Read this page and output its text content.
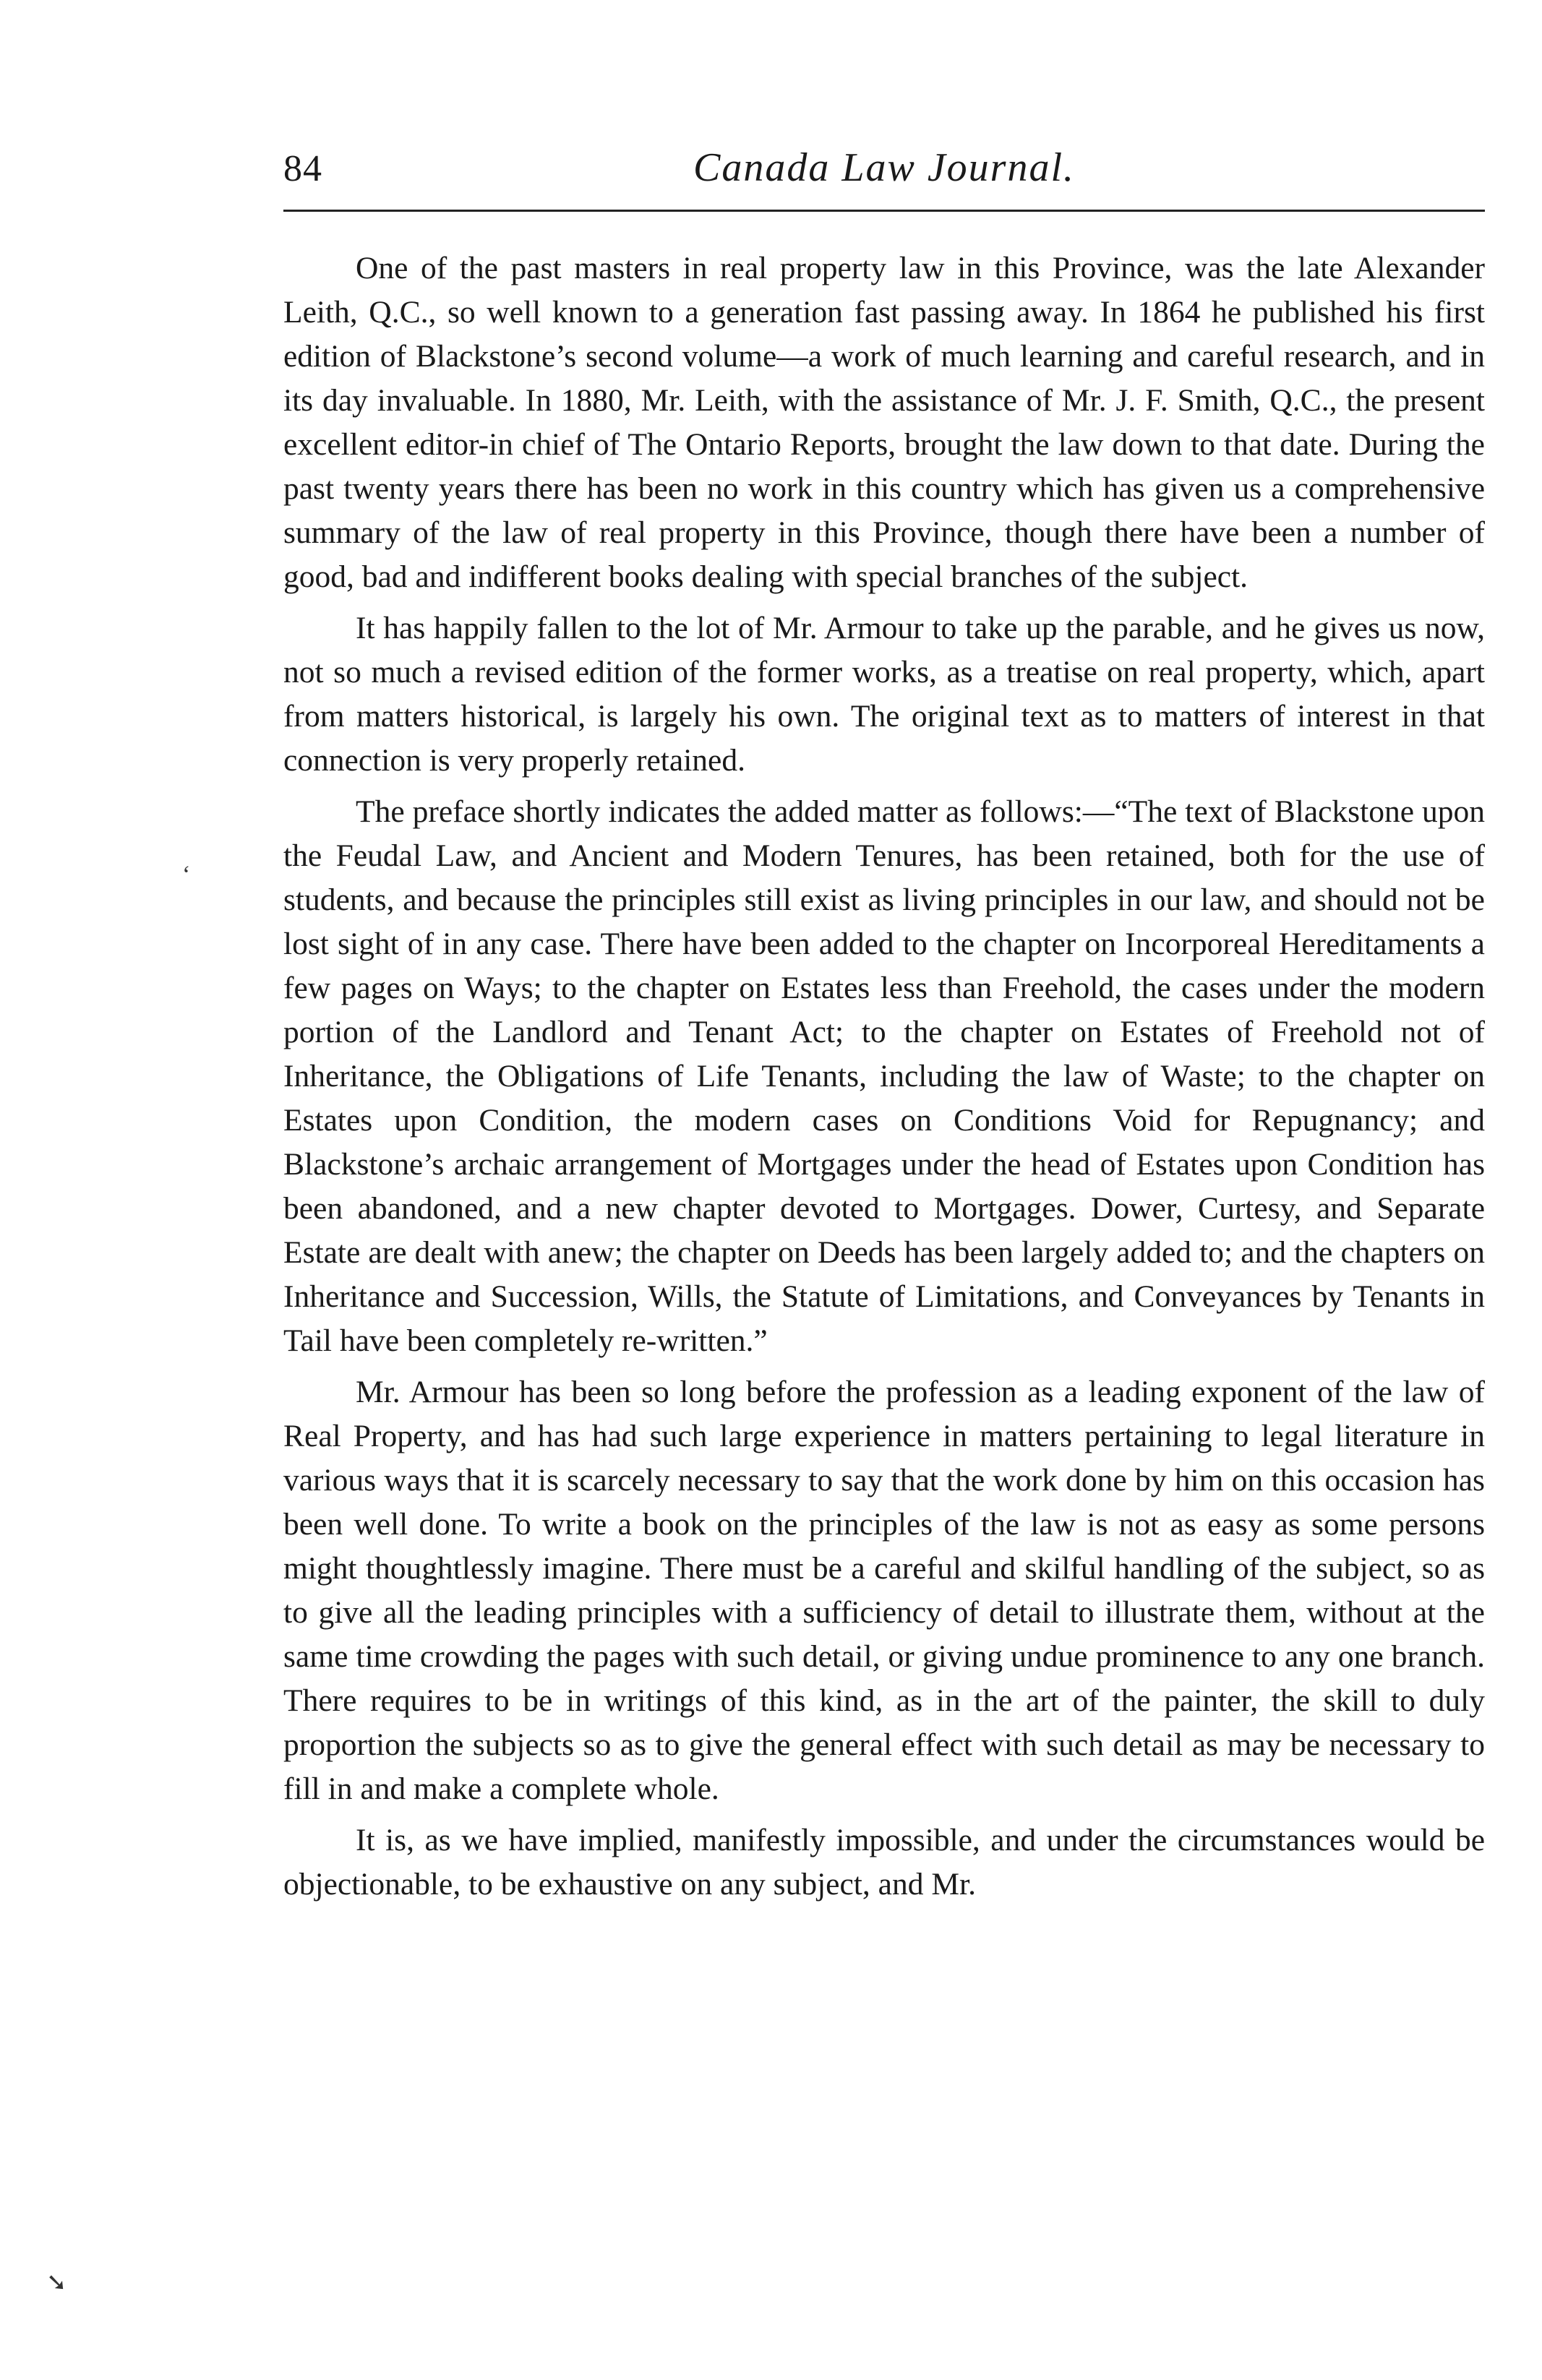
‘
➘
84	Canada Law Journal.

One of the past masters in real property law in this Province, was the late Alexander Leith, Q.C., so well known to a generation fast passing away. In 1864 he published his first edition of Blackstone’s second volume—a work of much learning and careful research, and in its day invaluable. In 1880, Mr. Leith, with the assistance of Mr. J. F. Smith, Q.C., the present excellent editor-in chief of The Ontario Reports, brought the law down to that date. During the past twenty years there has been no work in this country which has given us a comprehensive summary of the law of real property in this Province, though there have been a number of good, bad and indifferent books dealing with special branches of the subject.

It has happily fallen to the lot of Mr. Armour to take up the parable, and he gives us now, not so much a revised edition of the former works, as a treatise on real property, which, apart from matters historical, is largely his own. The original text as to matters of interest in that connection is very properly retained.

The preface shortly indicates the added matter as follows:—“The text of Blackstone upon the Feudal Law, and Ancient and Modern Tenures, has been retained, both for the use of students, and because the principles still exist as living principles in our law, and should not be lost sight of in any case. There have been added to the chapter on Incorporeal Hereditaments a few pages on Ways; to the chapter on Estates less than Freehold, the cases under the modern portion of the Landlord and Tenant Act; to the chapter on Estates of Freehold not of Inheritance, the Obligations of Life Tenants, including the law of Waste; to the chapter on Estates upon Condition, the modern cases on Conditions Void for Repugnancy; and Blackstone’s archaic arrangement of Mortgages under the head of Estates upon Condition has been abandoned, and a new chapter devoted to Mortgages. Dower, Curtesy, and Separate Estate are dealt with anew; the chapter on Deeds has been largely added to; and the chapters on Inheritance and Succession, Wills, the Statute of Limitations, and Conveyances by Tenants in Tail have been completely re-written.”

Mr. Armour has been so long before the profession as a leading exponent of the law of Real Property, and has had such large experience in matters pertaining to legal literature in various ways that it is scarcely necessary to say that the work done by him on this occasion has been well done. To write a book on the principles of the law is not as easy as some persons might thoughtlessly imagine. There must be a careful and skilful handling of the subject, so as to give all the leading principles with a sufficiency of detail to illustrate them, without at the same time crowding the pages with such detail, or giving undue prominence to any one branch. There requires to be in writings of this kind, as in the art of the painter, the skill to duly proportion the subjects so as to give the general effect with such detail as may be necessary to fill in and make a complete whole.

It is, as we have implied, manifestly impossible, and under the circumstances would be objectionable, to be exhaustive on any subject, and Mr.
